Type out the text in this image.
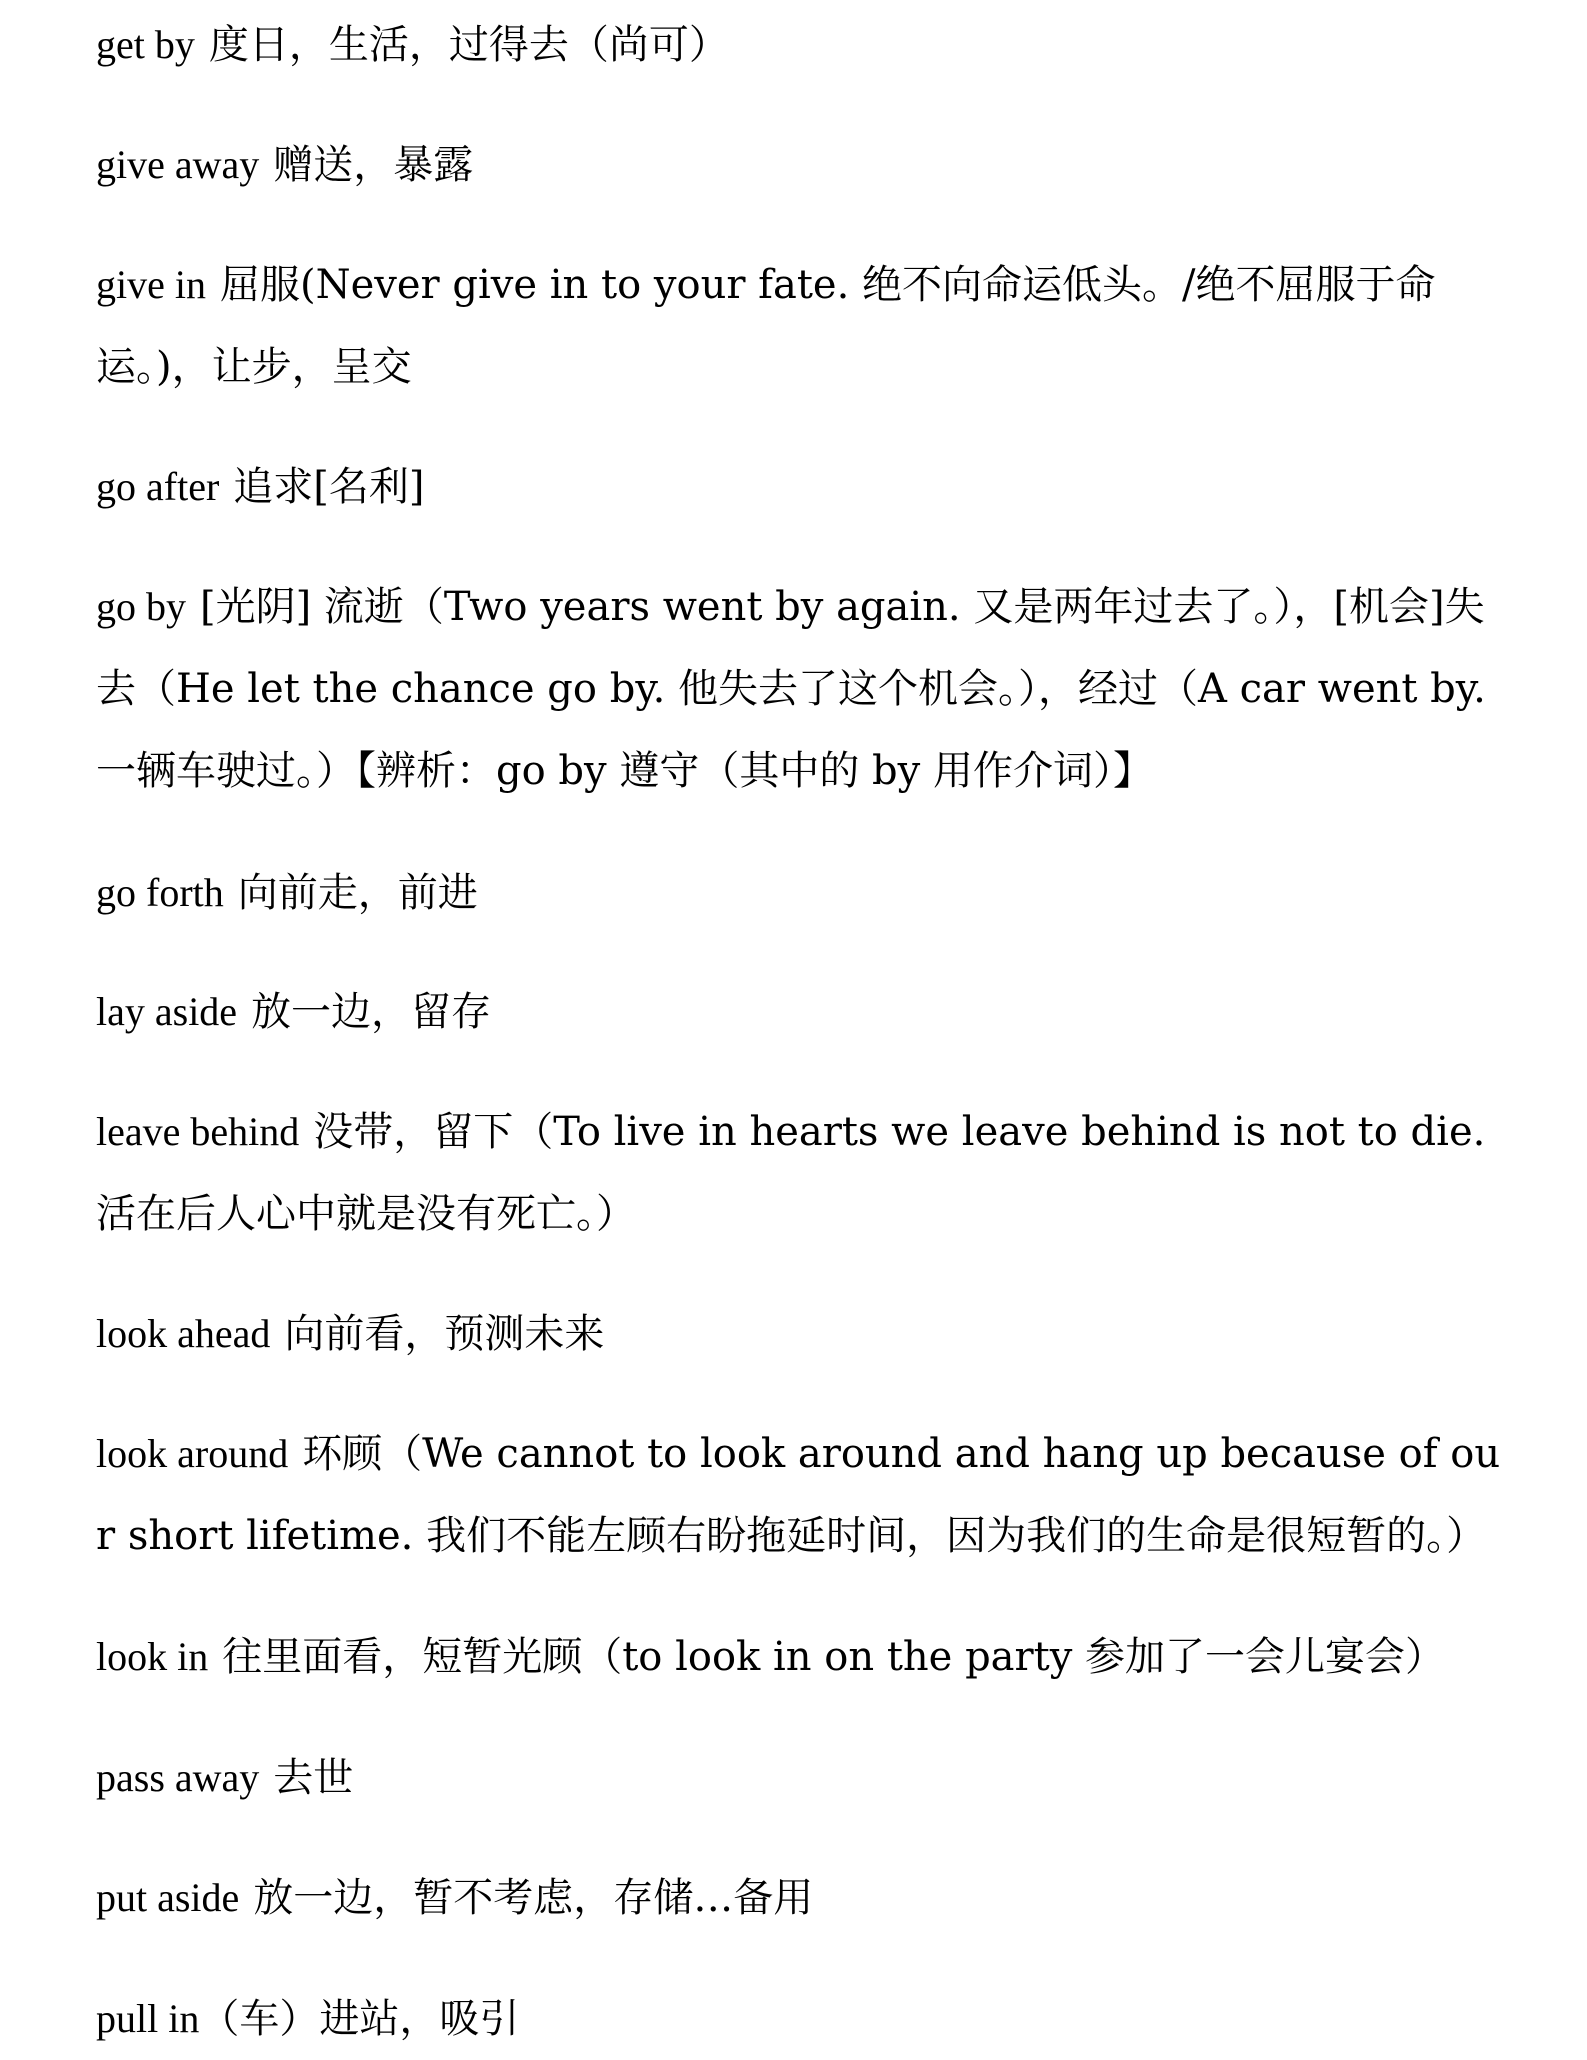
get by 度日，生活，过得去（尚可）

give away 赠送，暴露

give in 屈服(Never give in to your fate. 绝不向命运低头。/绝不屈服于命运。)，让步，呈交

go after 追求[名利]

go by [光阴] 流逝（Two years went by again. 又是两年过去了。），[机会]失去（He let the chance go by. 他失去了这个机会。），经过（A car went by. 一辆车驶过。）【辨析：go by 遵守（其中的 by 用作介词）】

go forth 向前走，前进

lay aside 放一边，留存

leave behind 没带，留下（To live in hearts we leave behind is not to die. 活在后人心中就是没有死亡。）

look ahead 向前看，预测未来

look around 环顾（We cannot to look around and hang up because of our short lifetime. 我们不能左顾右盼拖延时间，因为我们的生命是很短暂的。）

look in 往里面看，短暂光顾（to look in on the party 参加了一会儿宴会）

pass away 去世

put aside 放一边，暂不考虑，存储…备用

pull in（车）进站，吸引
